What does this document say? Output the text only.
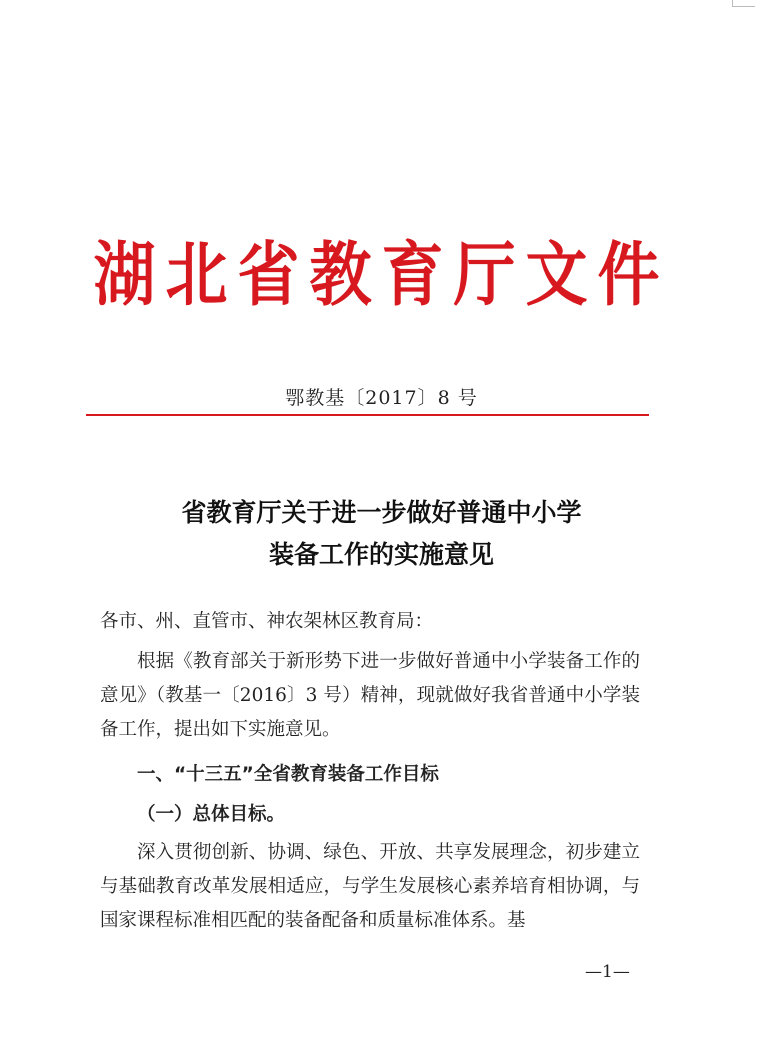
湖北省教育厅文件
鄂教基〔2017〕8 号
省教育厅关于进一步做好普通中小学
装备工作的实施意见
各市、州、直管市、神农架林区教育局：
根据《教育部关于新形势下进一步做好普通中小学装备工作的意见》（教基一〔2016〕3 号）精神，现就做好我省普通中小学装备工作，提出如下实施意见。
一、“十三五”全省教育装备工作目标
（一）总体目标。
深入贯彻创新、协调、绿色、开放、共享发展理念，初步建立与基础教育改革发展相适应，与学生发展核心素养培育相协调，与国家课程标准相匹配的装备配备和质量标准体系。基
—1—
